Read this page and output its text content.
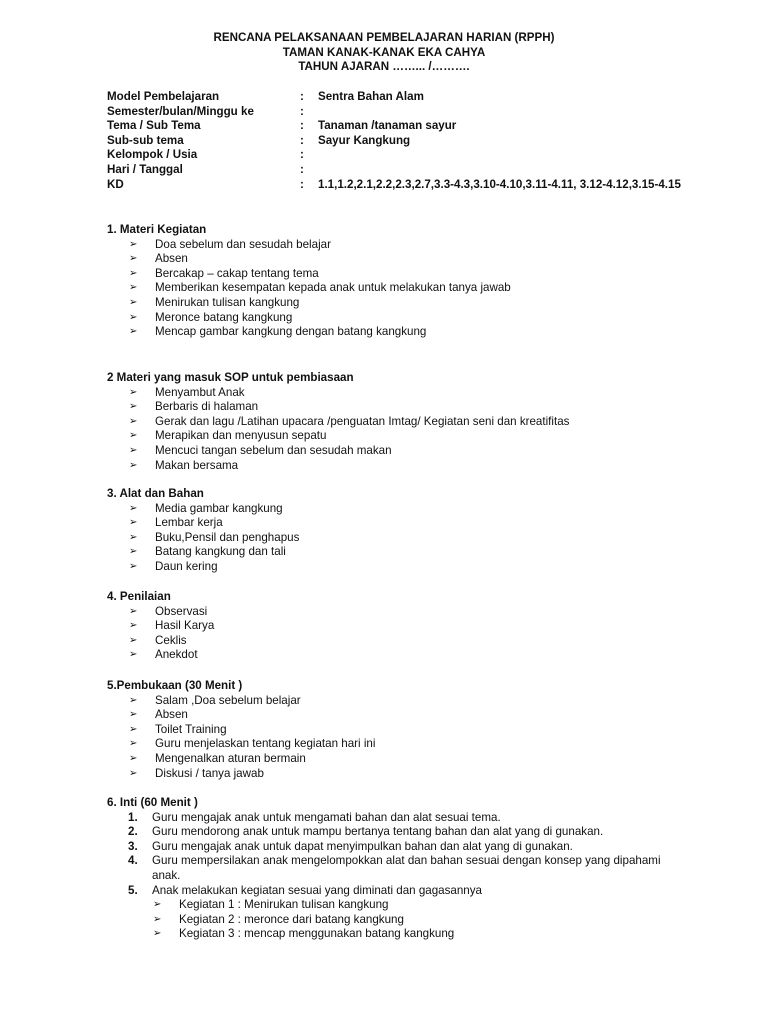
RENCANA PELAKSANAAN PEMBELAJARAN HARIAN (RPPH)
TAMAN KANAK-KANAK EKA CAHYA
TAHUN AJARAN ……... /……….
Model Pembelajaran	:	Sentra Bahan Alam
Semester/bulan/Minggu ke	:
Tema / Sub Tema	:	Tanaman /tanaman sayur
Sub-sub tema	:	Sayur Kangkung
Kelompok / Usia	:
Hari / Tanggal	:
KD	:	1.1,1.2,2.1,2.2,2.3,2.7,3.3-4.3,3.10-4.10,3.11-4.11, 3.12-4.12,3.15-4.15
1. Materi Kegiatan
➢	Doa sebelum dan sesudah belajar
➢	Absen
➢	Bercakap – cakap tentang tema
➢	Memberikan kesempatan kepada anak untuk melakukan tanya jawab
➢	Menirukan tulisan kangkung
➢	Meronce batang kangkung
➢	Mencap gambar kangkung dengan batang kangkung
2 Materi yang masuk SOP untuk pembiasaan
➢	Menyambut Anak
➢	Berbaris di halaman
➢	Gerak dan lagu /Latihan upacara /penguatan Imtag/ Kegiatan seni dan kreatifitas
➢	Merapikan dan menyusun sepatu
➢	Mencuci tangan sebelum dan sesudah makan
➢	Makan bersama
3. Alat dan Bahan
➢	Media gambar kangkung
➢	Lembar kerja
➢	Buku,Pensil dan penghapus
➢	Batang kangkung dan tali
➢	Daun kering
4. Penilaian
➢	Observasi
➢	Hasil Karya
➢	Ceklis
➢	Anekdot
5.Pembukaan (30 Menit )
➢	Salam ,Doa sebelum belajar
➢	Absen
➢	Toilet Training
➢	Guru menjelaskan tentang kegiatan hari ini
➢	Mengenalkan aturan bermain
➢	Diskusi / tanya jawab
6. Inti (60 Menit )
1.	Guru mengajak anak untuk mengamati bahan dan alat sesuai tema.
2.	Guru mendorong anak untuk mampu bertanya tentang bahan dan alat yang di gunakan.
3.	Guru mengajak anak untuk dapat menyimpulkan bahan dan alat yang di gunakan.
4.	Guru mempersilakan anak mengelompokkan alat dan bahan sesuai dengan konsep yang dipahami anak.
5.	Anak melakukan kegiatan sesuai yang diminati dan gagasannya
➢	Kegiatan 1 : Menirukan tulisan kangkung
➢	Kegiatan 2 : meronce dari batang kangkung
➢	Kegiatan 3 : mencap menggunakan batang kangkung
